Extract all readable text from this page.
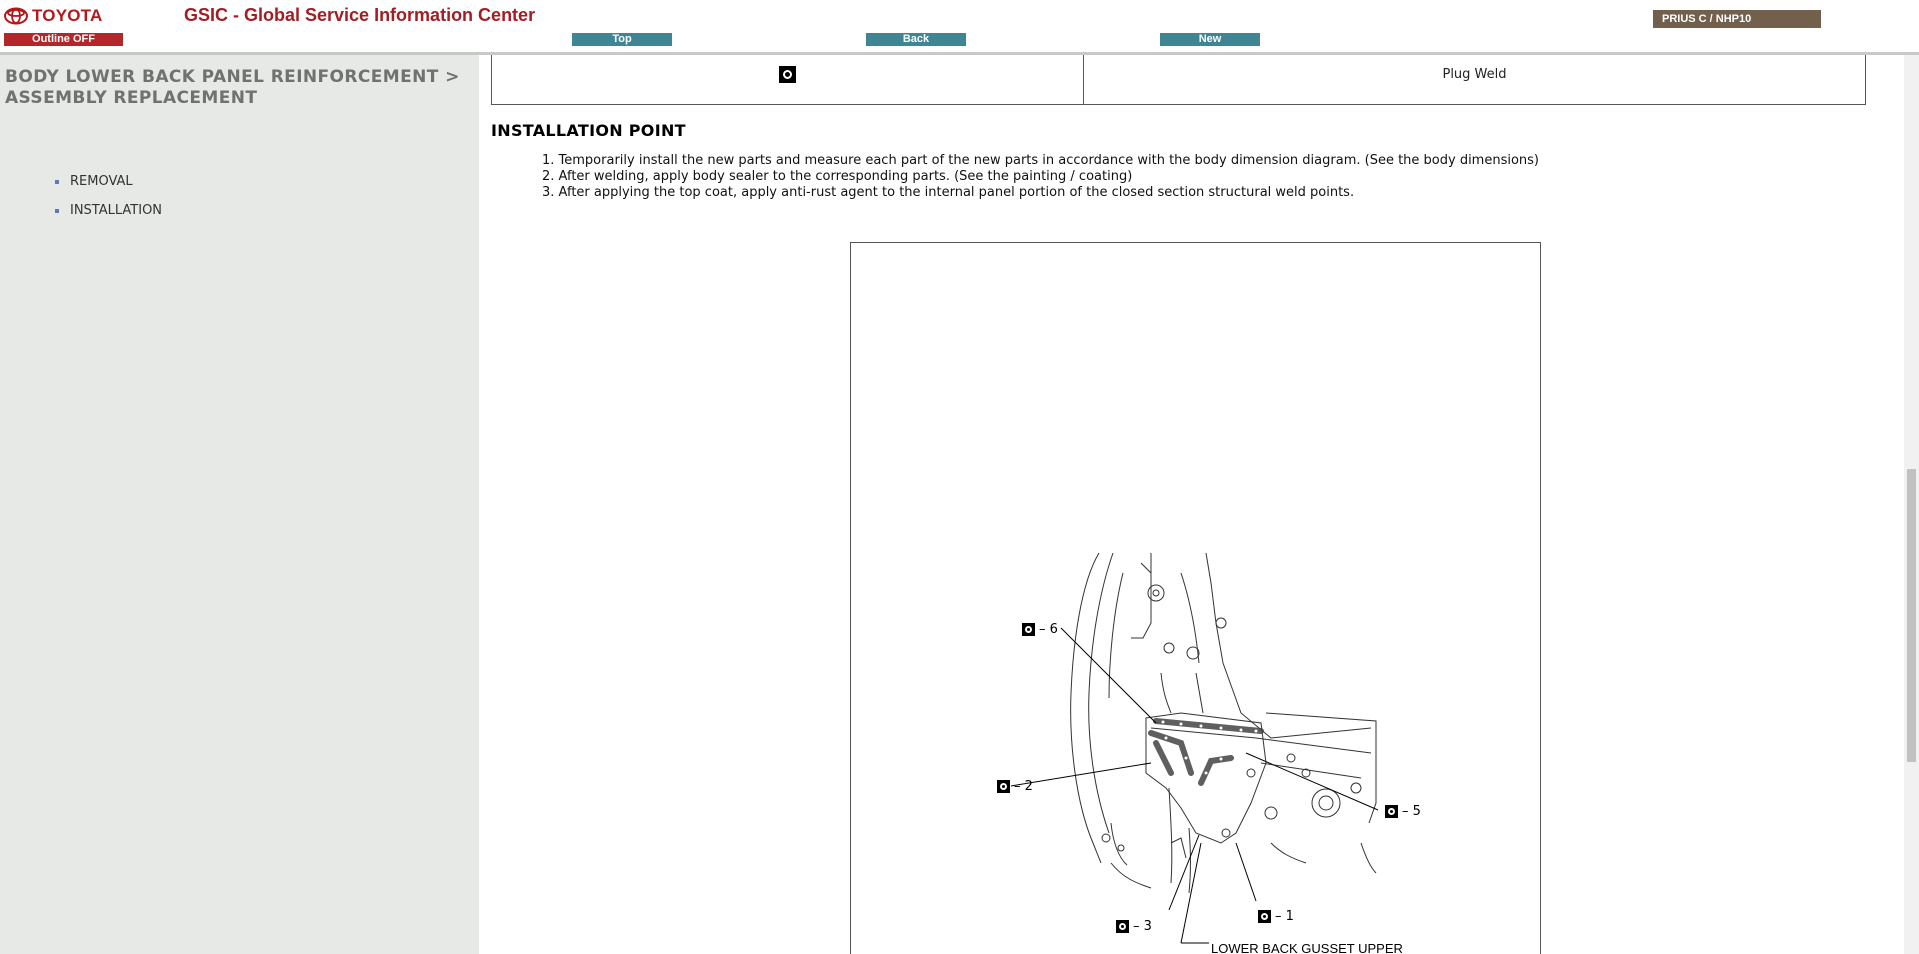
TOYOTA	GSIC - Global Service Information Center
Outline OFF	Top	Back	New
PRIUS C / NHP10
BODY LOWER BACK PANEL REINFORCEMENT > ASSEMBLY REPLACEMENT
REMOVAL
INSTALLATION
Plug Weld
INSTALLATION POINT
1. Temporarily install the new parts and measure each part of the new parts in accordance with the body dimension diagram. (See the body dimensions)
2. After welding, apply body sealer to the corresponding parts. (See the painting / coating)
3. After applying the top coat, apply anti-rust agent to the internal panel portion of the closed section structural weld points.
– 6
– 2
– 5
– 1
– 3
LOWER BACK GUSSET UPPER
